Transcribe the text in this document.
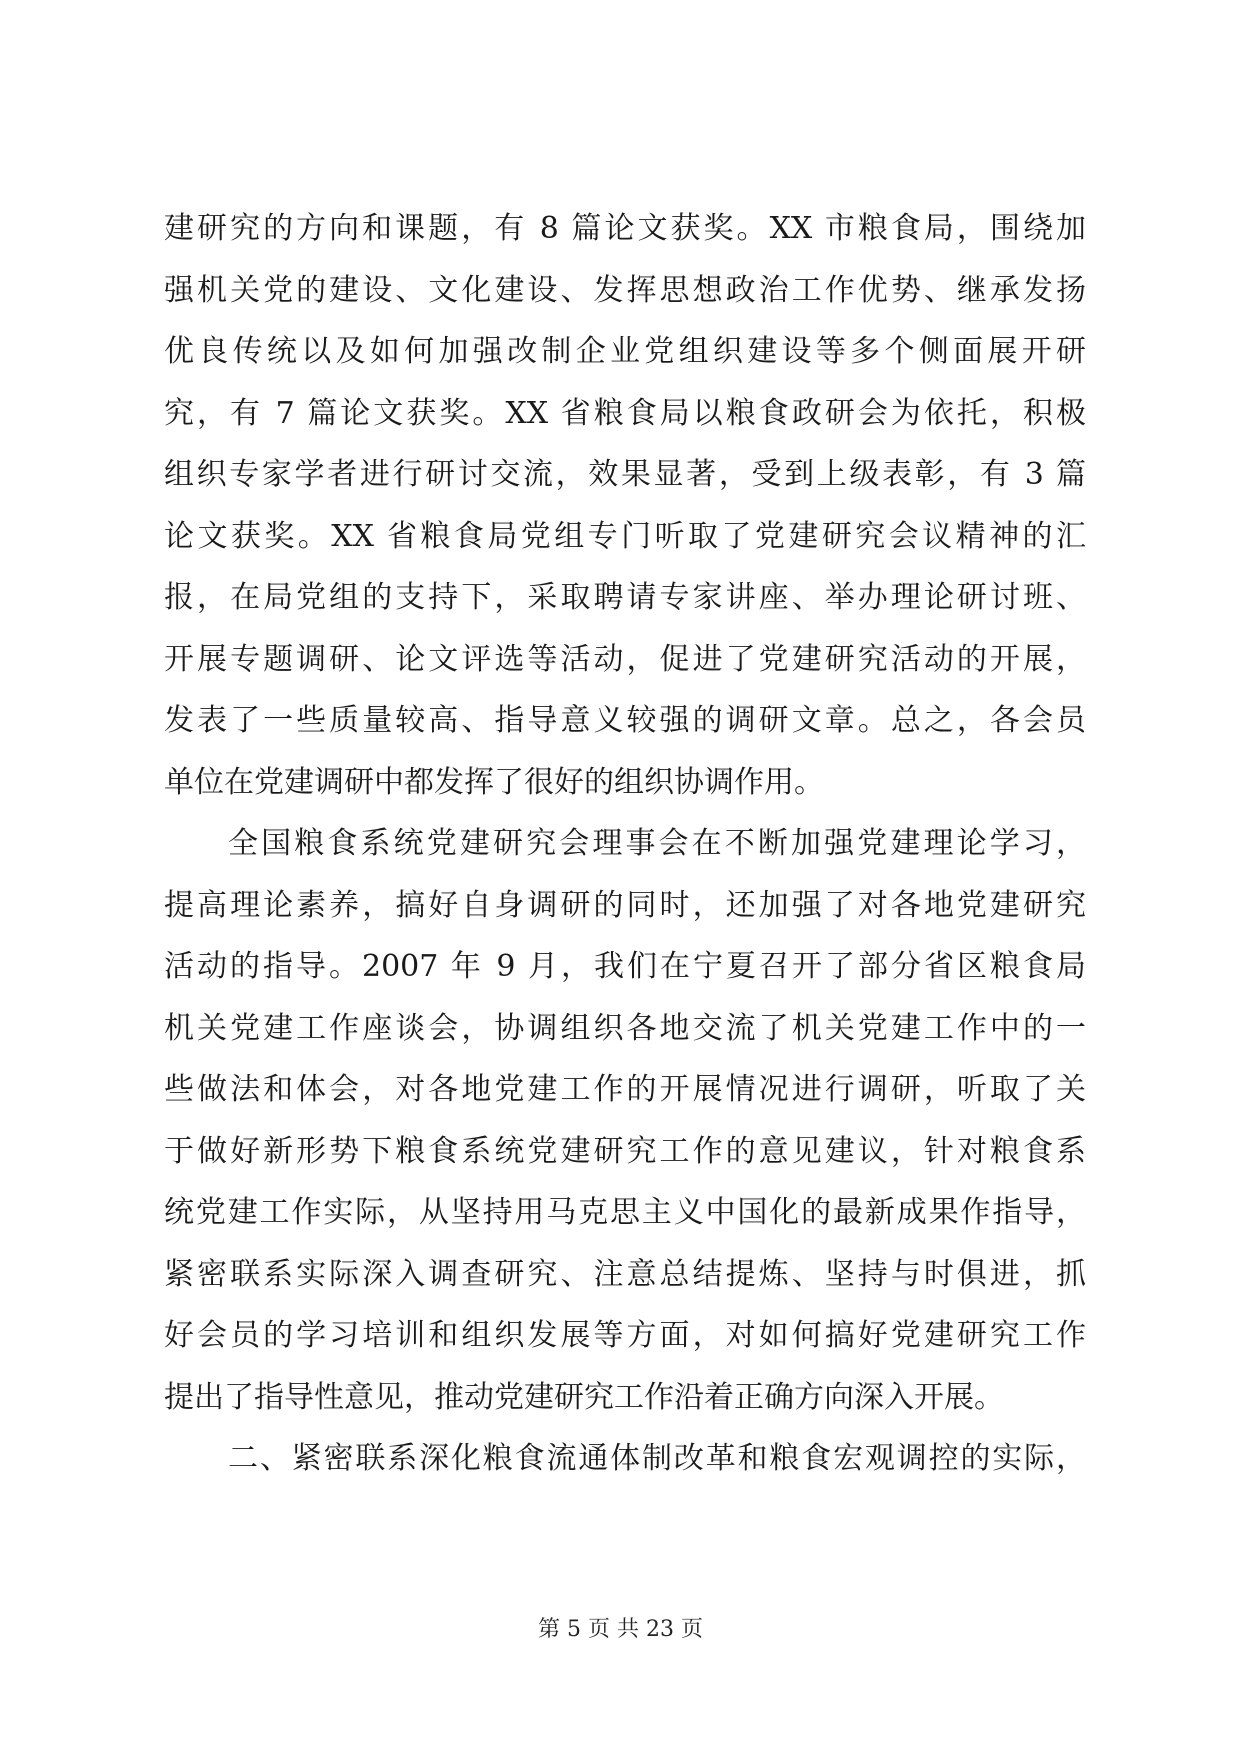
建研究的方向和课题，有 8 篇论文获奖。XX 市粮食局，围绕加
强机关党的建设、文化建设、发挥思想政治工作优势、继承发扬
优良传统以及如何加强改制企业党组织建设等多个侧面展开研
究，有 7 篇论文获奖。XX 省粮食局以粮食政研会为依托，积极
组织专家学者进行研讨交流，效果显著，受到上级表彰，有 3 篇
论文获奖。XX 省粮食局党组专门听取了党建研究会议精神的汇
报，在局党组的支持下，采取聘请专家讲座、举办理论研讨班、
开展专题调研、论文评选等活动，促进了党建研究活动的开展，
发表了一些质量较高、指导意义较强的调研文章。总之，各会员
单位在党建调研中都发挥了很好的组织协调作用。
全国粮食系统党建研究会理事会在不断加强党建理论学习，
提高理论素养，搞好自身调研的同时，还加强了对各地党建研究
活动的指导。2007 年 9 月，我们在宁夏召开了部分省区粮食局
机关党建工作座谈会，协调组织各地交流了机关党建工作中的一
些做法和体会，对各地党建工作的开展情况进行调研，听取了关
于做好新形势下粮食系统党建研究工作的意见建议，针对粮食系
统党建工作实际，从坚持用马克思主义中国化的最新成果作指导，
紧密联系实际深入调查研究、注意总结提炼、坚持与时俱进，抓
好会员的学习培训和组织发展等方面，对如何搞好党建研究工作
提出了指导性意见，推动党建研究工作沿着正确方向深入开展。
二、紧密联系深化粮食流通体制改革和粮食宏观调控的实际，
第 5 页 共 23 页
